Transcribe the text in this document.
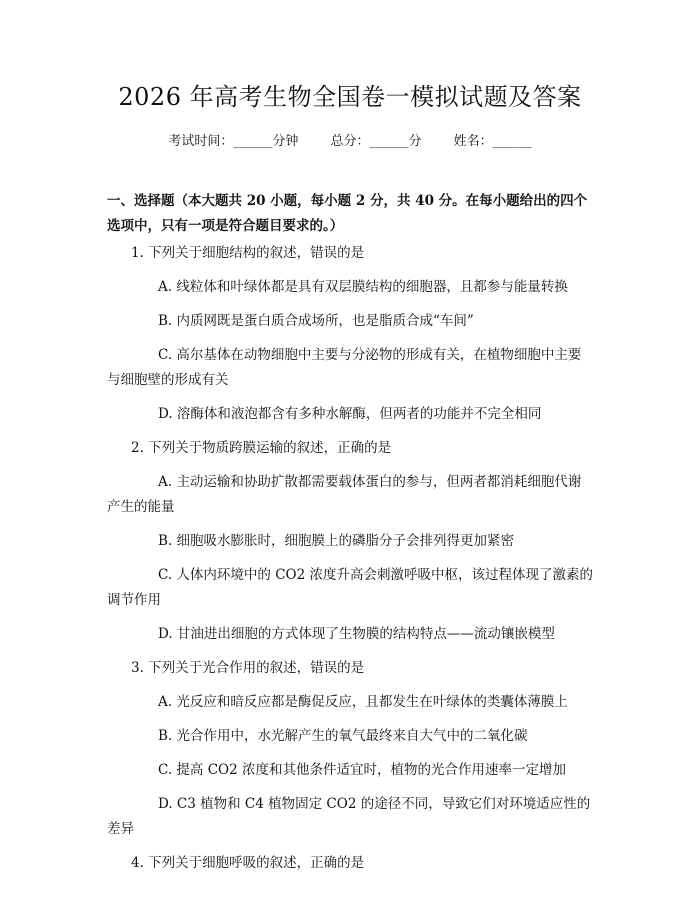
2026 年高考生物全国卷一模拟试题及答案
考试时间：______分钟 总分：______分 姓名：______
一、选择题（本大题共 20 小题，每小题 2 分，共 40 分。在每小题给出的四个选项中，只有一项是符合题目要求的。）
1. 下列关于细胞结构的叙述，错误的是
A. 线粒体和叶绿体都是具有双层膜结构的细胞器，且都参与能量转换
B. 内质网既是蛋白质合成场所，也是脂质合成“车间”
C. 高尔基体在动物细胞中主要与分泌物的形成有关，在植物细胞中主要与细胞壁的形成有关
D. 溶酶体和液泡都含有多种水解酶，但两者的功能并不完全相同
2. 下列关于物质跨膜运输的叙述，正确的是
A. 主动运输和协助扩散都需要载体蛋白的参与，但两者都消耗细胞代谢产生的能量
B. 细胞吸水膨胀时，细胞膜上的磷脂分子会排列得更加紧密
C. 人体内环境中的 CO2 浓度升高会刺激呼吸中枢，该过程体现了激素的调节作用
D. 甘油进出细胞的方式体现了生物膜的结构特点——流动镶嵌模型
3. 下列关于光合作用的叙述，错误的是
A. 光反应和暗反应都是酶促反应，且都发生在叶绿体的类囊体薄膜上
B. 光合作用中，水光解产生的氧气最终来自大气中的二氧化碳
C. 提高 CO2 浓度和其他条件适宜时，植物的光合作用速率一定增加
D. C3 植物和 C4 植物固定 CO2 的途径不同，导致它们对环境适应性的差异
4. 下列关于细胞呼吸的叙述，正确的是
